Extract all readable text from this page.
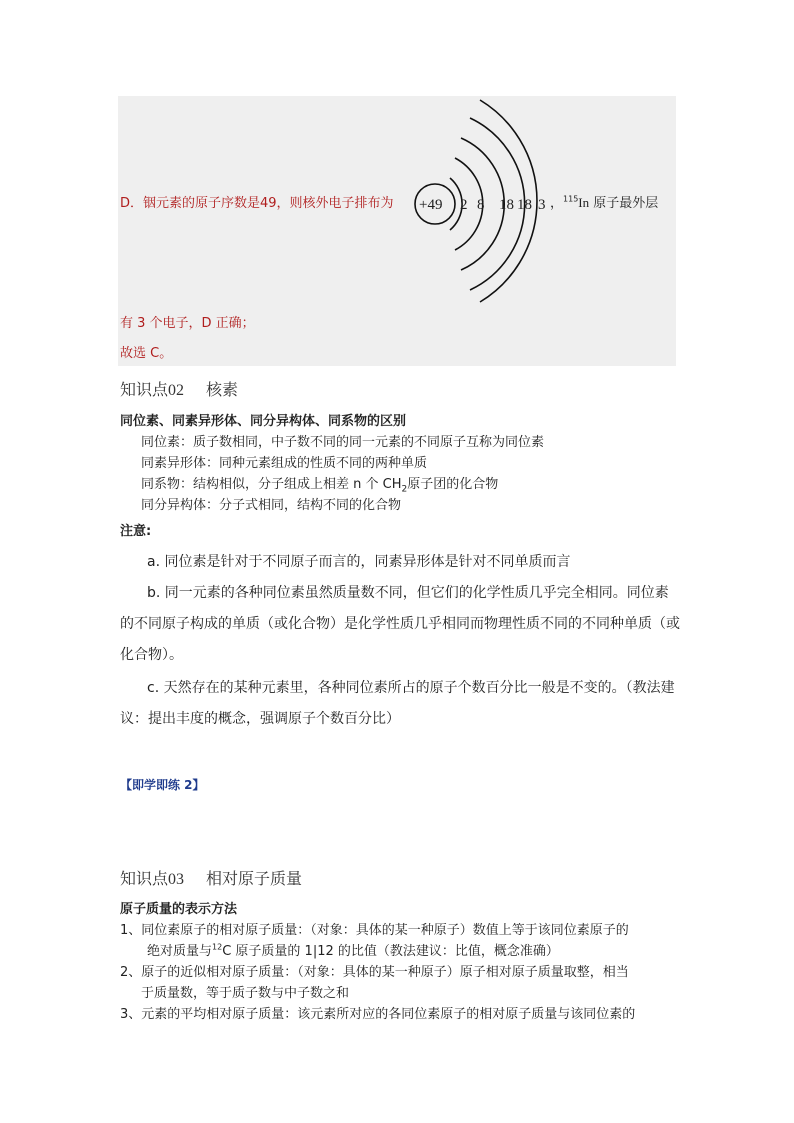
D．铟元素的原子序数是49，则核外电子排布为 +49 2 8 18 18 3 ，$^{115}$In 原子最外层
有 3 个电子，D 正确；
故选 C。
知识点02 核素
同位素、同素异形体、同分异构体、同系物的区别
同位素：质子数相同，中子数不同的同一元素的不同原子互称为同位素
同素异形体：同种元素组成的性质不同的两种单质
同系物：结构相似，分子组成上相差 n 个 $CH_2$原子团的化合物
同分异构体：分子式相同，结构不同的化合物
注意:
a. 同位素是针对于不同原子而言的，同素异形体是针对不同单质而言
b. 同一元素的各种同位素虽然质量数不同，但它们的化学性质几乎完全相同。同位素
的不同原子构成的单质（或化合物）是化学性质几乎相同而物理性质不同的不同种单质（或
化合物）。
c. 天然存在的某种元素里，各种同位素所占的原子个数百分比一般是不变的。（教法建
议：提出丰度的概念，强调原子个数百分比）
【即学即练 2】
知识点03 相对原子质量
原子质量的表示方法
1、同位素原子的相对原子质量：（对象：具体的某一种原子）数值上等于该同位素原子的
绝对质量与$^{12}$C 原子质量的 1|12 的比值（教法建议：比值，概念准确）
2、原子的近似相对原子质量：（对象：具体的某一种原子）原子相对原子质量取整，相当
于质量数，等于质子数与中子数之和
3、元素的平均相对原子质量：该元素所对应的各同位素原子的相对原子质量与该同位素的
